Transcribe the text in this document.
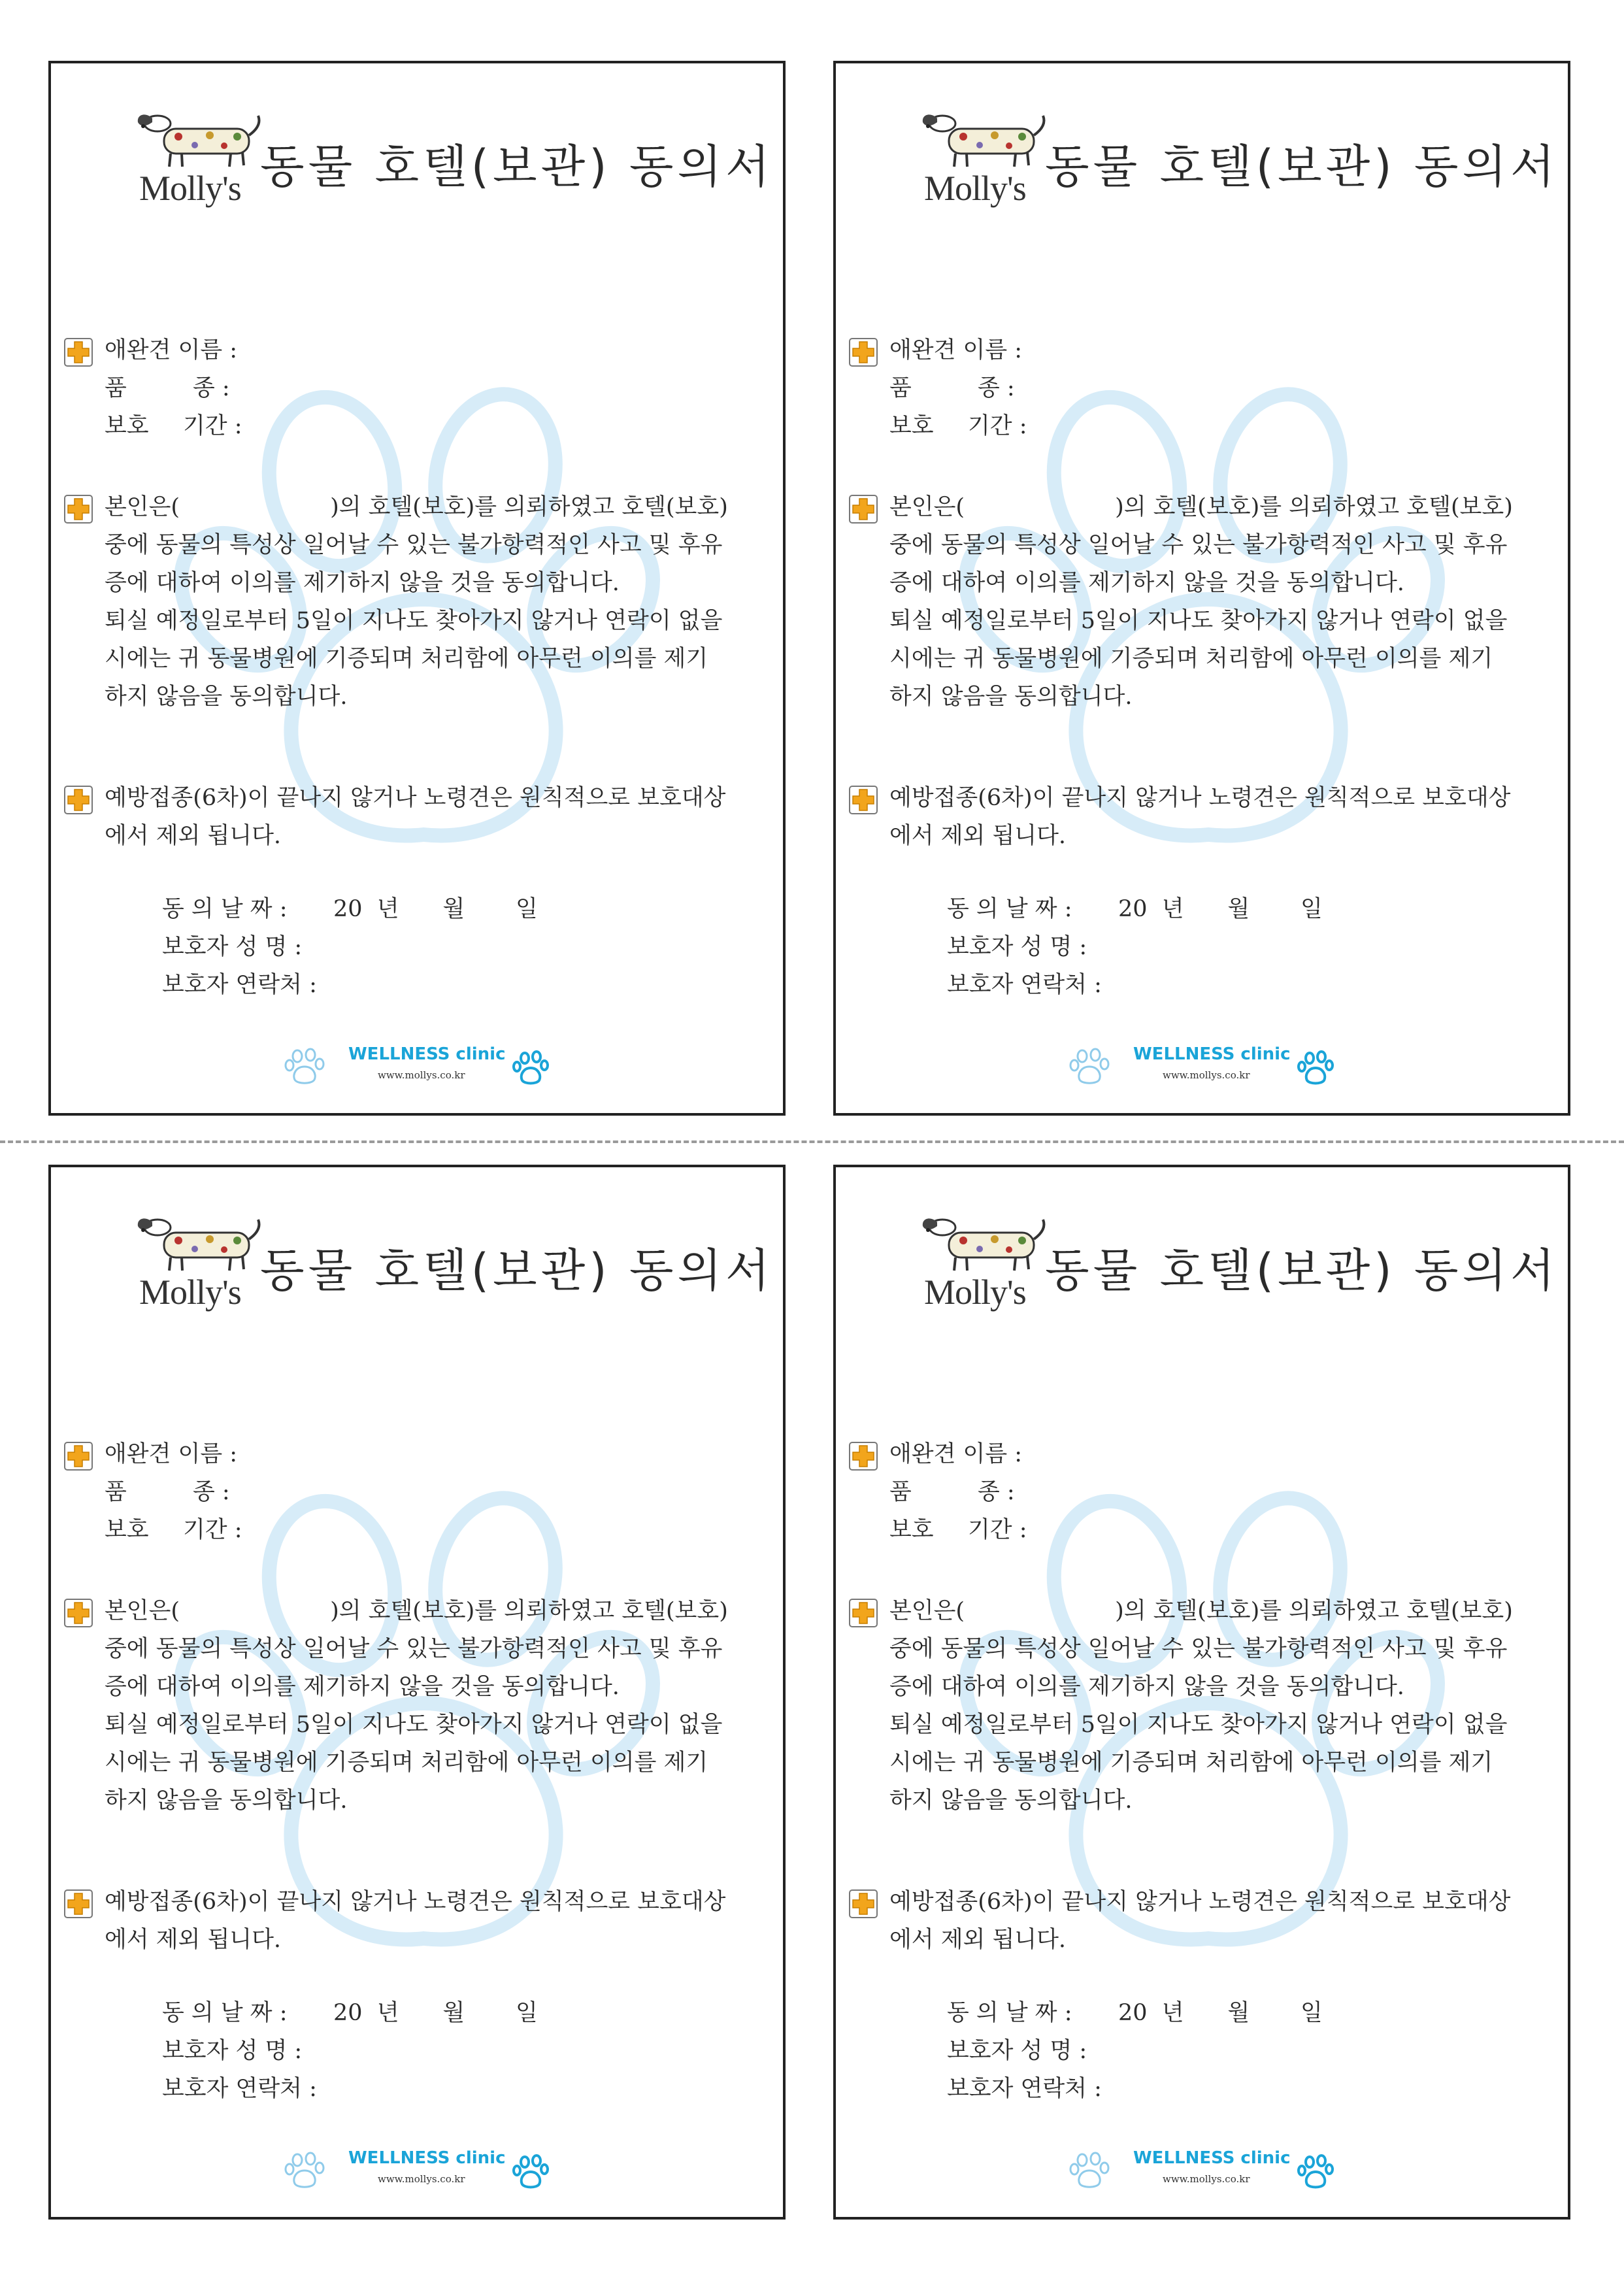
Molly's 동물 호텔(보관) 동의서
애완견 이름 :
품	종 :
보호 기간 :
본인은(	)의 호텔(보호)를 의뢰하였고 호텔(보호)
중에 동물의 특성상 일어날 수 있는 불가항력적인 사고 및 후유
증에 대하여 이의를 제기하지 않을 것을 동의합니다.
퇴실 예정일로부터 5일이 지나도 찾아가지 않거나 연락이 없을
시에는 귀 동물병원에 기증되며 처리함에 아무런 이의를 제기
하지 않음을 동의합니다.
예방접종(6차)이 끝나지 않거나 노령견은 원칙적으로 보호대상
에서 제외 됩니다.
동 의 날 짜 : 20  년      월       일
보호자 성 명 :
보호자 연락처 :
WELLNESS clinic
www.mollys.co.kr
Molly's 동물 호텔(보관) 동의서
애완견 이름 :
품	종 :
보호 기간 :
본인은(	)의 호텔(보호)를 의뢰하였고 호텔(보호)
중에 동물의 특성상 일어날 수 있는 불가항력적인 사고 및 후유
증에 대하여 이의를 제기하지 않을 것을 동의합니다.
퇴실 예정일로부터 5일이 지나도 찾아가지 않거나 연락이 없을
시에는 귀 동물병원에 기증되며 처리함에 아무런 이의를 제기
하지 않음을 동의합니다.
예방접종(6차)이 끝나지 않거나 노령견은 원칙적으로 보호대상
에서 제외 됩니다.
동 의 날 짜 : 20  년      월       일
보호자 성 명 :
보호자 연락처 :
WELLNESS clinic
www.mollys.co.kr
Molly's 동물 호텔(보관) 동의서
애완견 이름 :
품	종 :
보호 기간 :
본인은(	)의 호텔(보호)를 의뢰하였고 호텔(보호)
중에 동물의 특성상 일어날 수 있는 불가항력적인 사고 및 후유
증에 대하여 이의를 제기하지 않을 것을 동의합니다.
퇴실 예정일로부터 5일이 지나도 찾아가지 않거나 연락이 없을
시에는 귀 동물병원에 기증되며 처리함에 아무런 이의를 제기
하지 않음을 동의합니다.
예방접종(6차)이 끝나지 않거나 노령견은 원칙적으로 보호대상
에서 제외 됩니다.
동 의 날 짜 : 20  년      월       일
보호자 성 명 :
보호자 연락처 :
WELLNESS clinic
www.mollys.co.kr
Molly's 동물 호텔(보관) 동의서
애완견 이름 :
품	종 :
보호 기간 :
본인은(	)의 호텔(보호)를 의뢰하였고 호텔(보호)
중에 동물의 특성상 일어날 수 있는 불가항력적인 사고 및 후유
증에 대하여 이의를 제기하지 않을 것을 동의합니다.
퇴실 예정일로부터 5일이 지나도 찾아가지 않거나 연락이 없을
시에는 귀 동물병원에 기증되며 처리함에 아무런 이의를 제기
하지 않음을 동의합니다.
예방접종(6차)이 끝나지 않거나 노령견은 원칙적으로 보호대상
에서 제외 됩니다.
동 의 날 짜 : 20  년      월       일
보호자 성 명 :
보호자 연락처 :
WELLNESS clinic
www.mollys.co.kr
